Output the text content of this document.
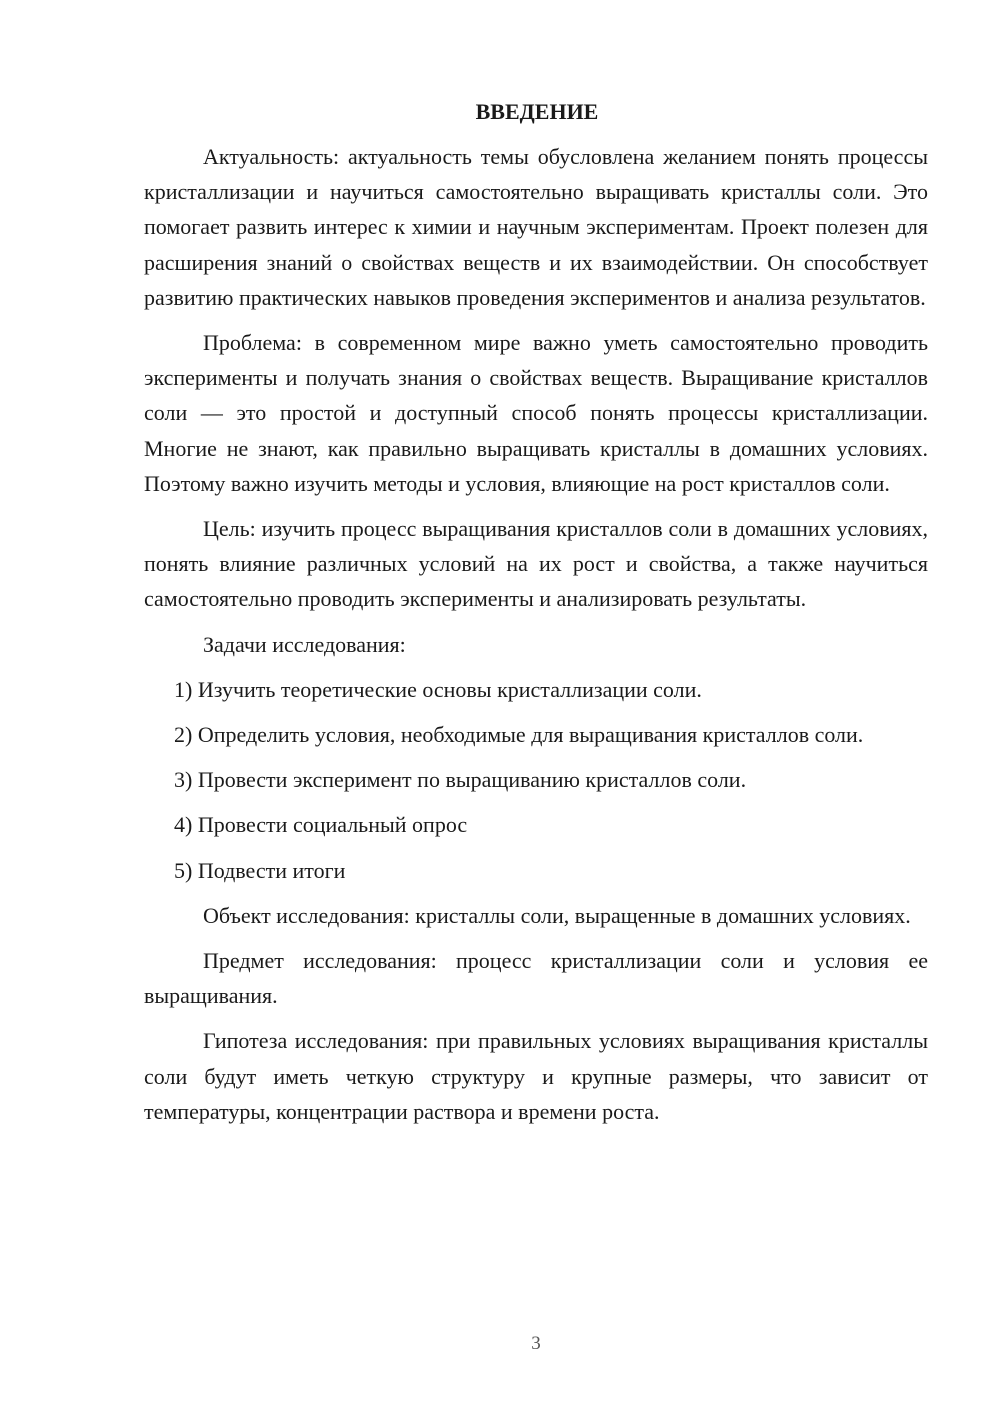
ВВЕДЕНИЕ

Актуальность: актуальность темы обусловлена желанием понять процессы кристаллизации и научиться самостоятельно выращивать кристаллы соли. Это помогает развить интерес к химии и научным экспериментам. Проект полезен для расширения знаний о свойствах веществ и их взаимодействии. Он способствует развитию практических навыков проведения экспериментов и анализа результатов.

Проблема: в современном мире важно уметь самостоятельно проводить эксперименты и получать знания о свойствах веществ. Выращивание кристаллов соли — это простой и доступный способ понять процессы кристаллизации. Многие не знают, как правильно выращивать кристаллы в домашних условиях. Поэтому важно изучить методы и условия, влияющие на рост кристаллов соли.

Цель: изучить процесс выращивания кристаллов соли в домашних условиях, понять влияние различных условий на их рост и свойства, а также научиться самостоятельно проводить эксперименты и анализировать результаты.

Задачи исследования:

1) Изучить теоретические основы кристаллизации соли.

2) Определить условия, необходимые для выращивания кристаллов соли.

3) Провести эксперимент по выращиванию кристаллов соли.

4) Провести социальный опрос

5) Подвести итоги

Объект исследования: кристаллы соли, выращенные в домашних условиях.

Предмет исследования: процесс кристаллизации соли и условия ее выращивания.

Гипотеза исследования: при правильных условиях выращивания кристаллы соли будут иметь четкую структуру и крупные размеры, что зависит от температуры, концентрации раствора и времени роста.

3
